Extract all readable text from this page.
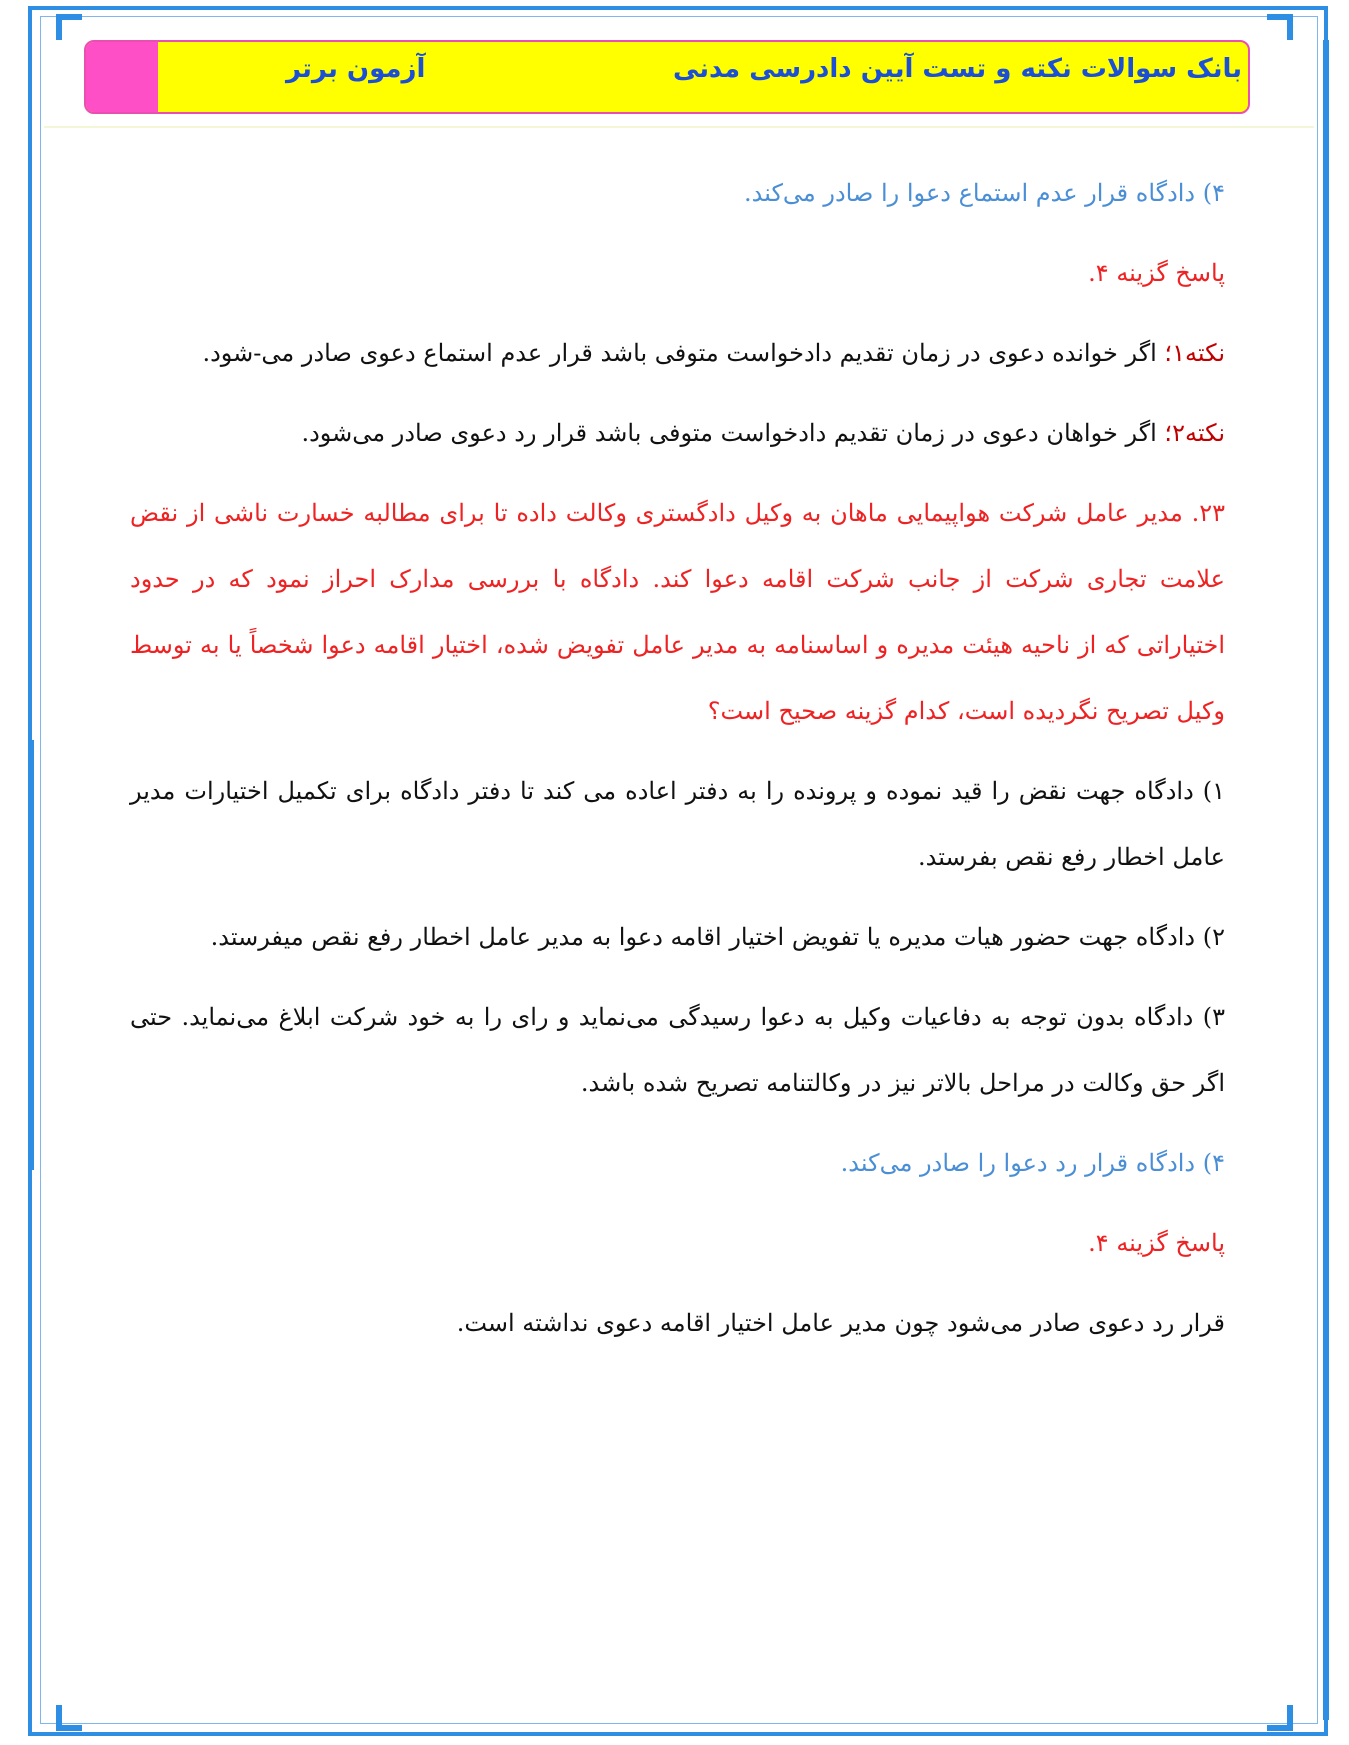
بانک سوالات نکته و تست آیین دادرسی مدنی
آزمون برتر

۴) دادگاه قرار عدم استماع دعوا را صادر می‌کند.

پاسخ گزینه ۴.

نکته۱؛ اگر خوانده دعوی در زمان تقدیم دادخواست متوفی باشد قرار عدم استماع دعوی صادر می-شود.

نکته۲؛ اگر خواهان دعوی در زمان تقدیم دادخواست متوفی باشد قرار رد دعوی صادر می‌شود.

۲۳. مدیر عامل شرکت هواپیمایی ماهان به وکیل دادگستری وکالت داده تا برای مطالبه خسارت ناشی از نقض علامت تجاری شرکت از جانب شرکت اقامه دعوا کند. دادگاه با بررسی مدارک احراز نمود که در حدود اختیاراتی که از ناحیه هیئت مدیره و اساسنامه به مدیر عامل تفویض شده، اختیار اقامه دعوا شخصاً یا به توسط وکیل تصریح نگردیده است، کدام گزینه صحیح است؟

۱) دادگاه جهت نقض را قید نموده و پرونده را به دفتر اعاده می کند تا دفتر دادگاه برای تکمیل اختیارات مدیر عامل اخطار رفع نقص بفرستد.

۲) دادگاه جهت حضور هیات مدیره یا تفویض اختیار اقامه دعوا به مدیر عامل اخطار رفع نقص میفرستد.

۳) دادگاه بدون توجه به دفاعیات وکیل به دعوا رسیدگی می‌نماید و رای را به خود شرکت ابلاغ می‌نماید. حتی اگر حق وکالت در مراحل بالاتر نیز در وکالتنامه تصریح شده باشد.

۴) دادگاه قرار رد دعوا را صادر می‌کند.

پاسخ گزینه ۴.

قرار رد دعوی صادر می‌شود چون مدیر عامل اختیار اقامه دعوی نداشته است.
